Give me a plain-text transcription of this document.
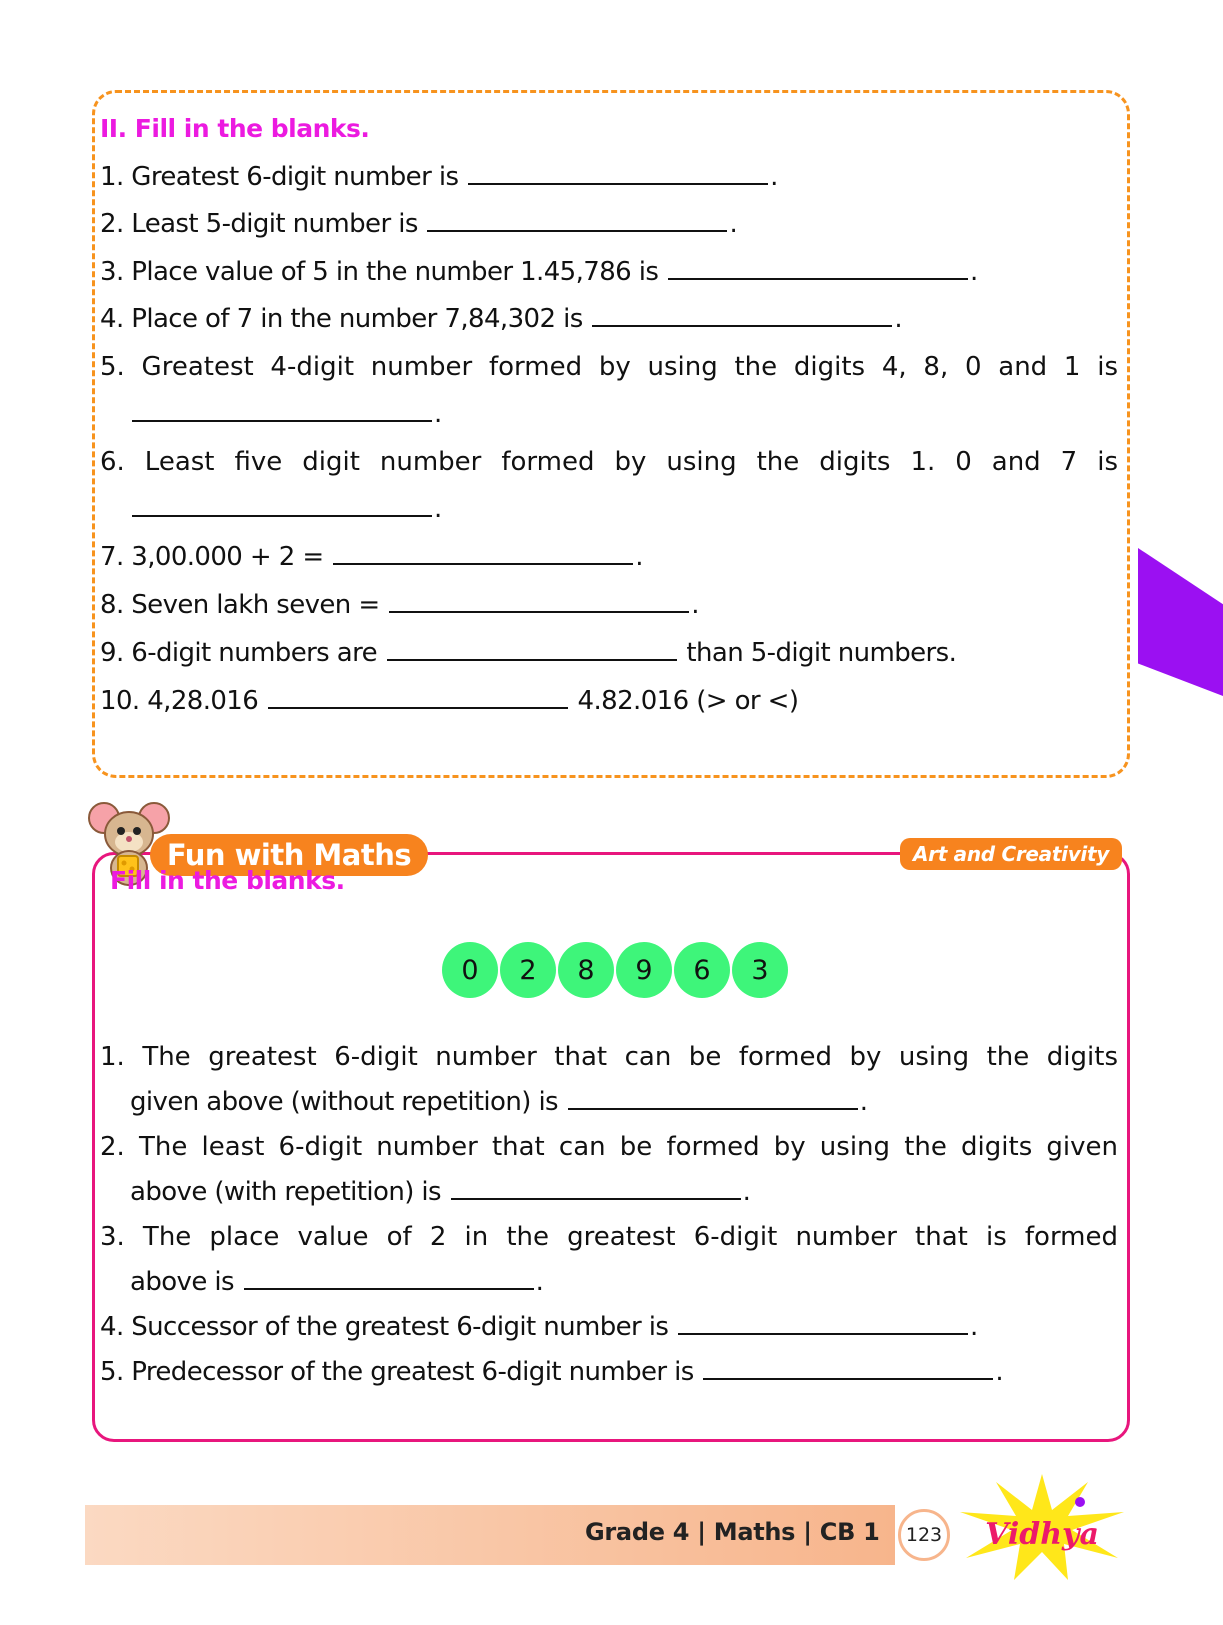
II. Fill in the blanks.
1. Greatest 6-digit number is	.
2. Least 5-digit number is	.
3. Place value of 5 in the number 1.45,786 is	.
4. Place of 7 in the number 7,84,302 is	.
5. Greatest 4-digit number formed by using the digits 4, 8, 0 and 1 is
.
6. Least five digit number formed by using the digits 1. 0 and 7 is
.
7. 3,00.000 + 2 =	.
8. Seven lakh seven =	.
9. 6-digit numbers are	than 5-digit numbers.
10. 4,28.016	4.82.016 (> or <)
Fun with Maths	Art and Creativity
Fill in the blanks.
0	2	8	9	6	3
1. The greatest 6-digit number that can be formed by using the digits
given above (without repetition) is	.
2. The least 6-digit number that can be formed by using the digits given
above (with repetition) is	.
3. The place value of 2 in the greatest 6-digit number that is formed
above is	.
4. Successor of the greatest 6-digit number is	.
5. Predecessor of the greatest 6-digit number is	.
Grade 4 | Maths | CB 1	123 Vidhya
